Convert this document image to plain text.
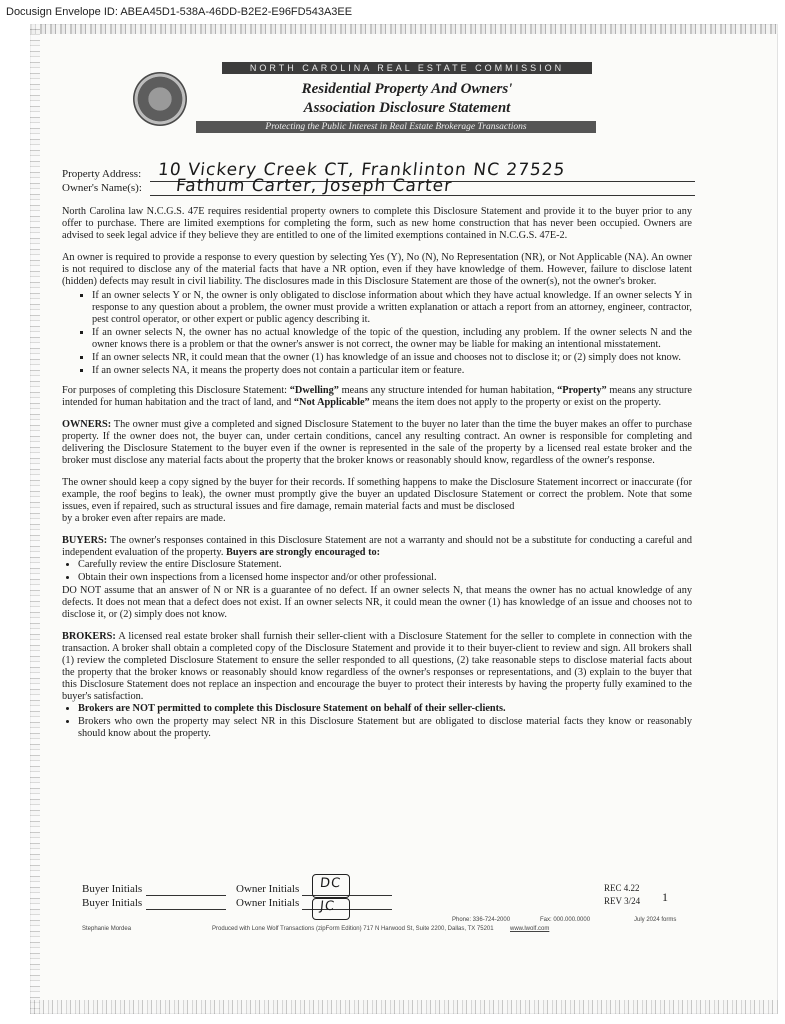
Docusign Envelope ID: ABEA45D1-538A-46DD-B2E2-E96FD543A3EE
NORTH CAROLINA REAL ESTATE COMMISSION
Residential Property And Owners'
Association Disclosure Statement
Protecting the Public Interest in Real Estate Brokerage Transactions
Property Address: 10 Vickery Creek CT, Franklinton NC 27525
Owner's Name(s): Fathum Carter, Joseph Carter

North Carolina law N.C.G.S. 47E requires residential property owners to complete this Disclosure Statement and provide it to the buyer prior to any offer to purchase. There are limited exemptions for completing the form, such as new home construction that has never been occupied. Owners are advised to seek legal advice if they believe they are entitled to one of the limited exemptions contained in N.C.G.S. 47E-2.

An owner is required to provide a response to every question by selecting Yes (Y), No (N), No Representation (NR), or Not Applicable (NA). An owner is not required to disclose any of the material facts that have a NR option, even if they have knowledge of them. However, failure to disclose latent (hidden) defects may result in civil liability. The disclosures made in this Disclosure Statement are those of the owner(s), not the owner's broker.

▪ If an owner selects Y or N, the owner is only obligated to disclose information about which they have actual knowledge. If an owner selects Y in response to any question about a problem, the owner must provide a written explanation or attach a report from an attorney, engineer, contractor, pest control operator, or other expert or public agency describing it.
▪ If an owner selects N, the owner has no actual knowledge of the topic of the question, including any problem. If the owner selects N and the owner knows there is a problem or that the owner's answer is not correct, the owner may be liable for making an intentional misstatement.
▪ If an owner selects NR, it could mean that the owner (1) has knowledge of an issue and chooses not to disclose it; or (2) simply does not know.
▪ If an owner selects NA, it means the property does not contain a particular item or feature.

For purposes of completing this Disclosure Statement: “Dwelling” means any structure intended for human habitation, “Property” means any structure intended for human habitation and the tract of land, and “Not Applicable” means the item does not apply to the property or exist on the property.

OWNERS: The owner must give a completed and signed Disclosure Statement to the buyer no later than the time the buyer makes an offer to purchase property. If the owner does not, the buyer can, under certain conditions, cancel any resulting contract. An owner is responsible for completing and delivering the Disclosure Statement to the buyer even if the owner is represented in the sale of the property by a licensed real estate broker and the broker must disclose any material facts about the property that the broker knows or reasonably should know, regardless of the owner's response.

The owner should keep a copy signed by the buyer for their records. If something happens to make the Disclosure Statement incorrect or inaccurate (for example, the roof begins to leak), the owner must promptly give the buyer an updated Disclosure Statement or correct the problem. Note that some issues, even if repaired, such as structural issues and fire damage, remain material facts and must be disclosed

by a broker even after repairs are made.

BUYERS: The owner's responses contained in this Disclosure Statement are not a warranty and should not be a substitute for conducting a careful and independent evaluation of the property. Buyers are strongly encouraged to:

• Carefully review the entire Disclosure Statement.
• Obtain their own inspections from a licensed home inspector and/or other professional.

DO NOT assume that an answer of N or NR is a guarantee of no defect. If an owner selects N, that means the owner has no actual knowledge of any defects. It does not mean that a defect does not exist. If an owner selects NR, it could mean the owner (1) has knowledge of an issue and chooses not to disclose it, or (2) simply does not know.

BROKERS: A licensed real estate broker shall furnish their seller-client with a Disclosure Statement for the seller to complete in connection with the transaction. A broker shall obtain a completed copy of the Disclosure Statement and provide it to their buyer-client to review and sign. All brokers shall (1) review the completed Disclosure Statement to ensure the seller responded to all questions, (2) take reasonable steps to disclose material facts about the property that the broker knows or reasonably should know regardless of the owner's responses or representations, and (3) explain to the buyer that this Disclosure Statement does not replace an inspection and encourage the buyer to protect their interests by having the property fully examined to the buyer's satisfaction.

• Brokers are NOT permitted to complete this Disclosure Statement on behalf of their seller-clients.
• Brokers who own the property may select NR in this Disclosure Statement but are obligated to disclose material facts they know or reasonably should know about the property.
Buyer Initials	Owner Initials DC
Buyer Initials	Owner Initials JC
REC 4.22
REV 3/24 1
Phone: 336-724-2000	Fax: 000.000.0000	July 2024 forms
Stephanie Mordea	Produced with Lone Wolf Transactions (zipForm Edition) 717 N Harwood St, Suite 2200, Dallas, TX 75201	www.lwolf.com
